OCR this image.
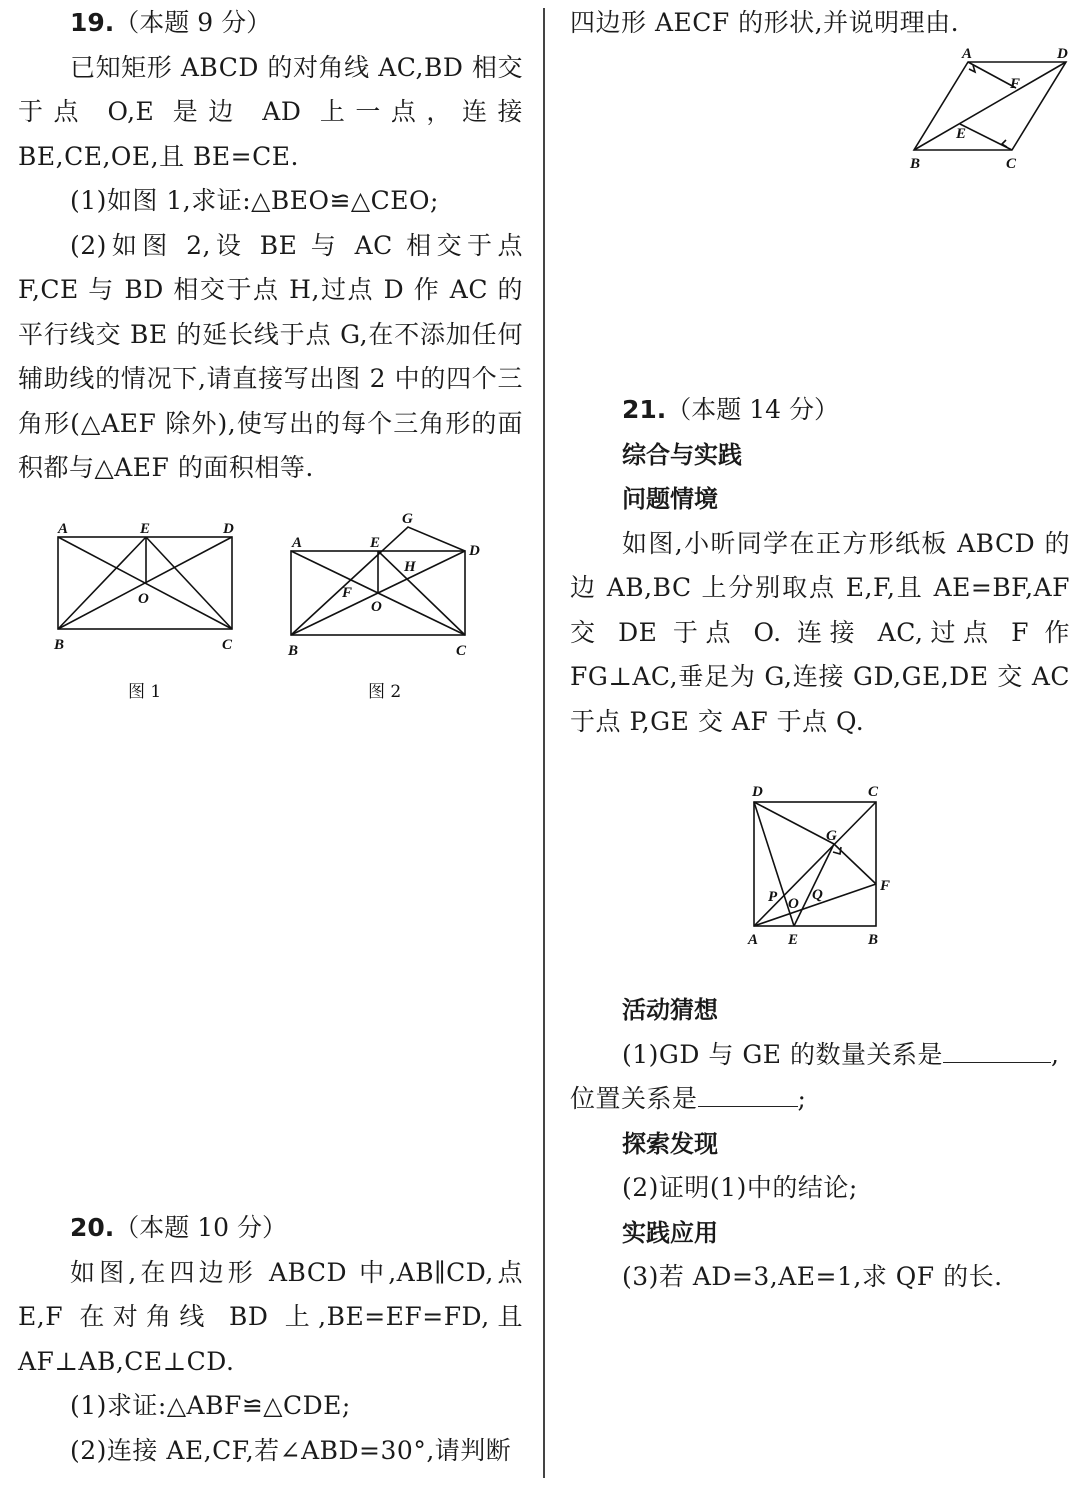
19.（本题 9 分）

已知矩形 ABCD 的对角线 AC,BD 相交于点 O,E 是边 AD 上一点，连接 BE,CE,OE,且 BE=CE.

(1)如图 1,求证:△BEO≌△CEO;

(2)如图 2,设 BE 与 AC 相交于点 F,CE 与 BD 相交于点 H,过点 D 作 AC 的平行线交 BE 的延长线于点 G,在不添加任何辅助线的情况下,请直接写出图 2 中的四个三角形(△AEF 除外),使写出的每个三角形的面积都与△AEF 的面积相等.

A	E	D
O
B	C
图 1
G
A	E	D
H
F
O
B	C
图 2

20.（本题 10 分）

如图,在四边形 ABCD 中,AB∥CD,点 E,F 在对角线 BD 上,BE=EF=FD,且 AF⊥AB,CE⊥CD.

(1)求证:△ABF≌△CDE;

(2)连接 AE,CF,若∠ABD=30°,请判断

四边形 AECF 的形状,并说明理由.

A	D
F
E
B	C

21.（本题 14 分）

综合与实践

问题情境

如图,小昕同学在正方形纸板 ABCD 的边 AB,BC 上分别取点 E,F,且 AE=BF,AF 交 DE 于点 O. 连接 AC,过点 F 作 FG⊥AC,垂足为 G,连接 GD,GE,DE 交 AC 于点 P,GE 交 AF 于点 Q.

D	C
G
F
P O
Q
A E	B

活动猜想

(1)GD 与 GE 的数量关系是	,
位置关系是	;

探索发现

(2)证明(1)中的结论;

实践应用

(3)若 AD=3,AE=1,求 QF 的长.
